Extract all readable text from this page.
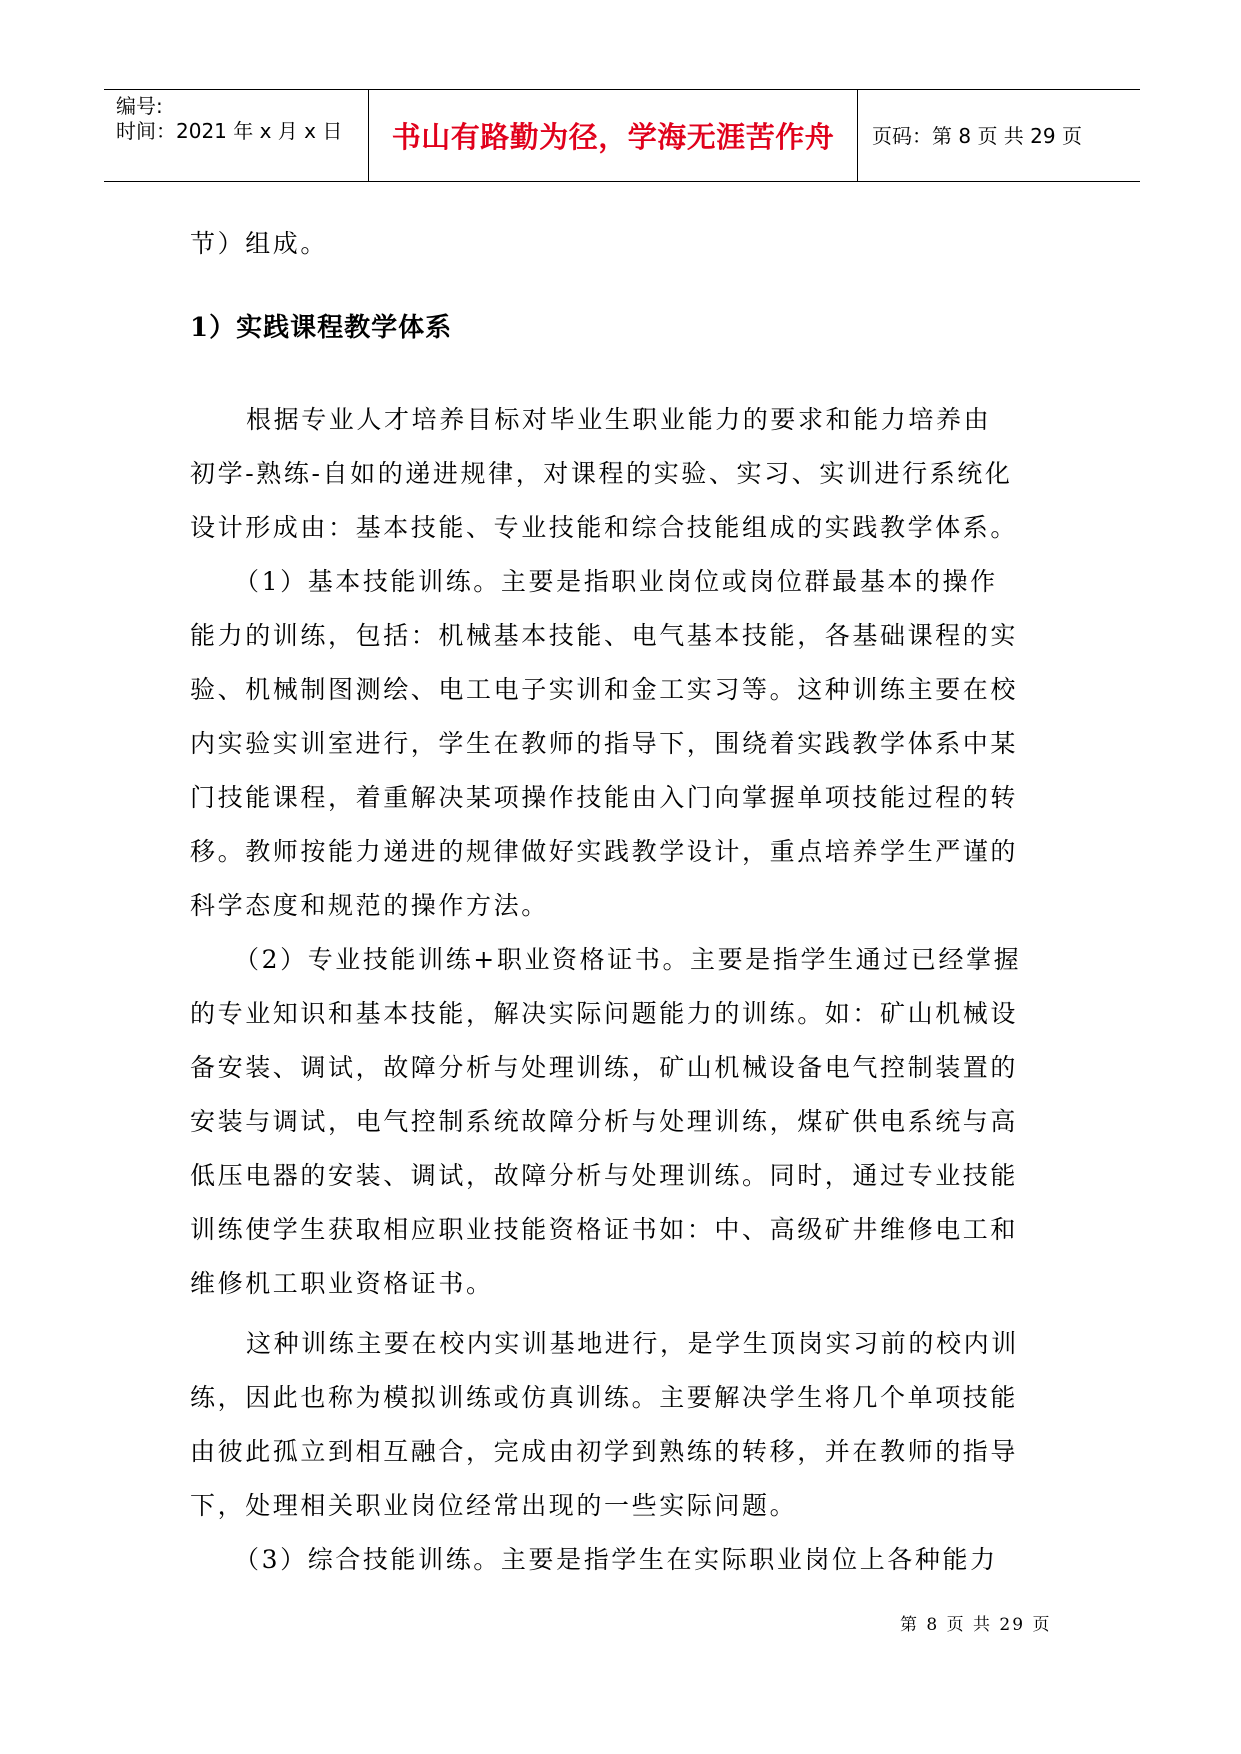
编号:
时间：2021 年 x 月 x 日	书山有路勤为径，学海无涯苦作舟	页码：第 8 页 共 29 页
节）组成。
1）实践课程教学体系
根据专业人才培养目标对毕业生职业能力的要求和能力培养由
初学-熟练-自如的递进规律，对课程的实验、实习、实训进行系统化
设计形成由：基本技能、专业技能和综合技能组成的实践教学体系。
（1）基本技能训练。主要是指职业岗位或岗位群最基本的操作
能力的训练，包括：机械基本技能、电气基本技能，各基础课程的实
验、机械制图测绘、电工电子实训和金工实习等。这种训练主要在校
内实验实训室进行，学生在教师的指导下，围绕着实践教学体系中某
门技能课程，着重解决某项操作技能由入门向掌握单项技能过程的转
移。教师按能力递进的规律做好实践教学设计，重点培养学生严谨的
科学态度和规范的操作方法。
（2）专业技能训练+职业资格证书。主要是指学生通过已经掌握
的专业知识和基本技能，解决实际问题能力的训练。如：矿山机械设
备安装、调试，故障分析与处理训练，矿山机械设备电气控制装置的
安装与调试，电气控制系统故障分析与处理训练，煤矿供电系统与高
低压电器的安装、调试，故障分析与处理训练。同时，通过专业技能
训练使学生获取相应职业技能资格证书如：中、高级矿井维修电工和
维修机工职业资格证书。
这种训练主要在校内实训基地进行，是学生顶岗实习前的校内训
练，因此也称为模拟训练或仿真训练。主要解决学生将几个单项技能
由彼此孤立到相互融合，完成由初学到熟练的转移，并在教师的指导
下，处理相关职业岗位经常出现的一些实际问题。
（3）综合技能训练。主要是指学生在实际职业岗位上各种能力
第 8 页 共 29 页
